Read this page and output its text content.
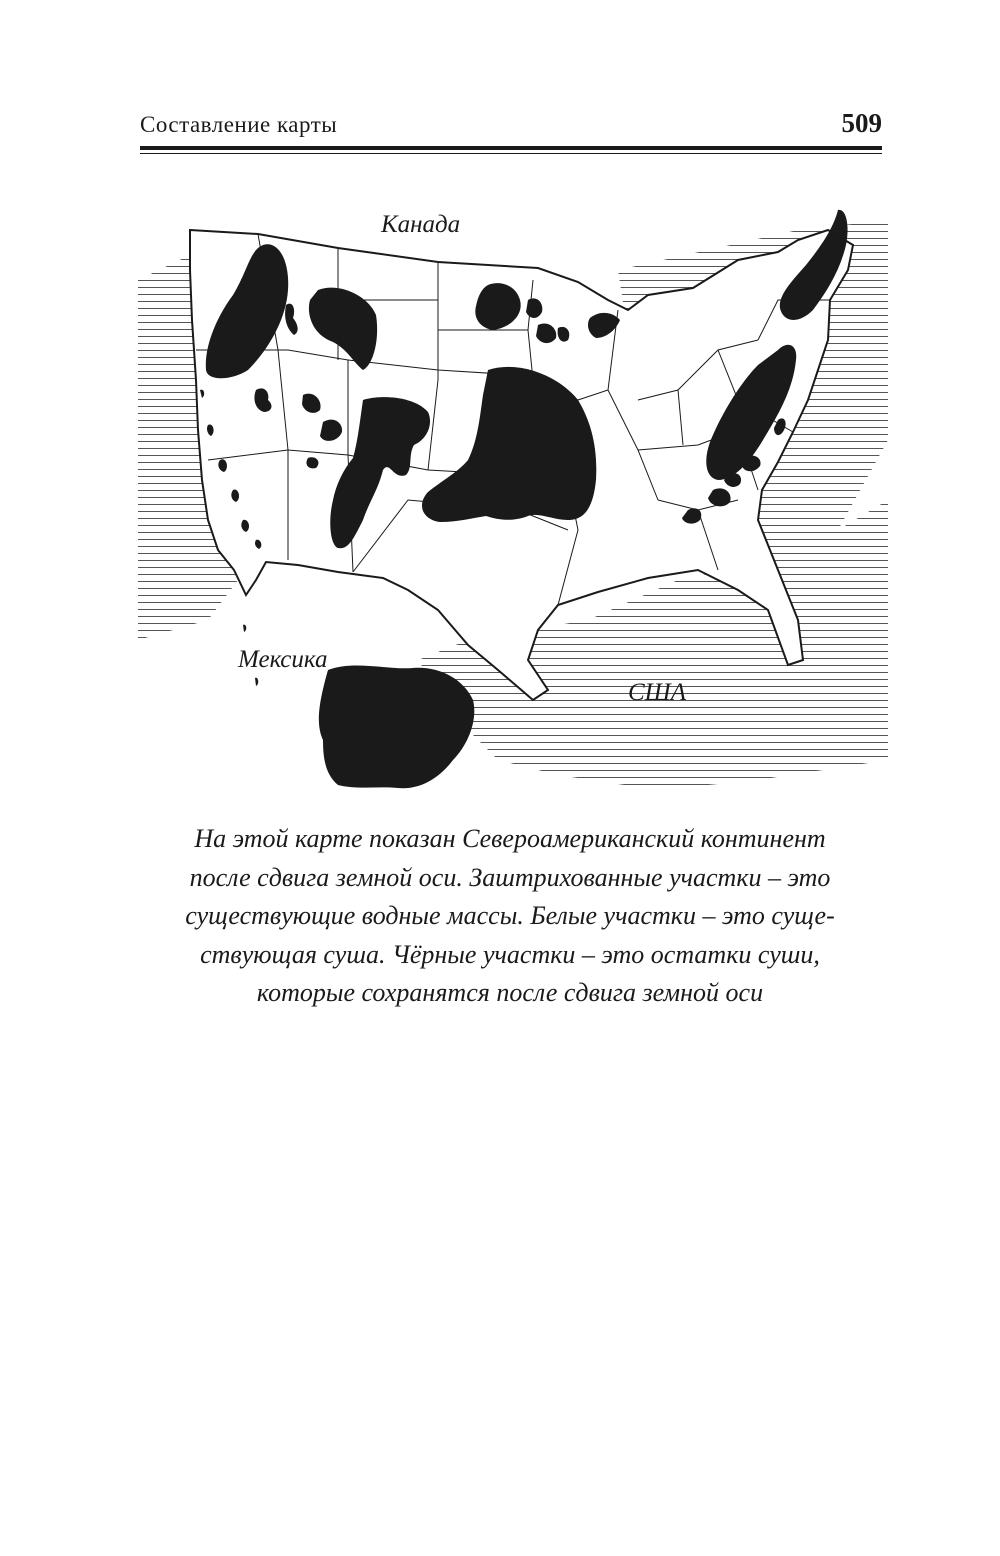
Составление карты	509
Канада
Мексика
США
На этой карте показан Североамериканский континент
после сдвига земной оси. Заштрихованные участки – это
существующие водные массы. Белые участки – это суще-
ствующая суша. Чёрные участки – это остатки суши,
которые сохранятся после сдвига земной оси
